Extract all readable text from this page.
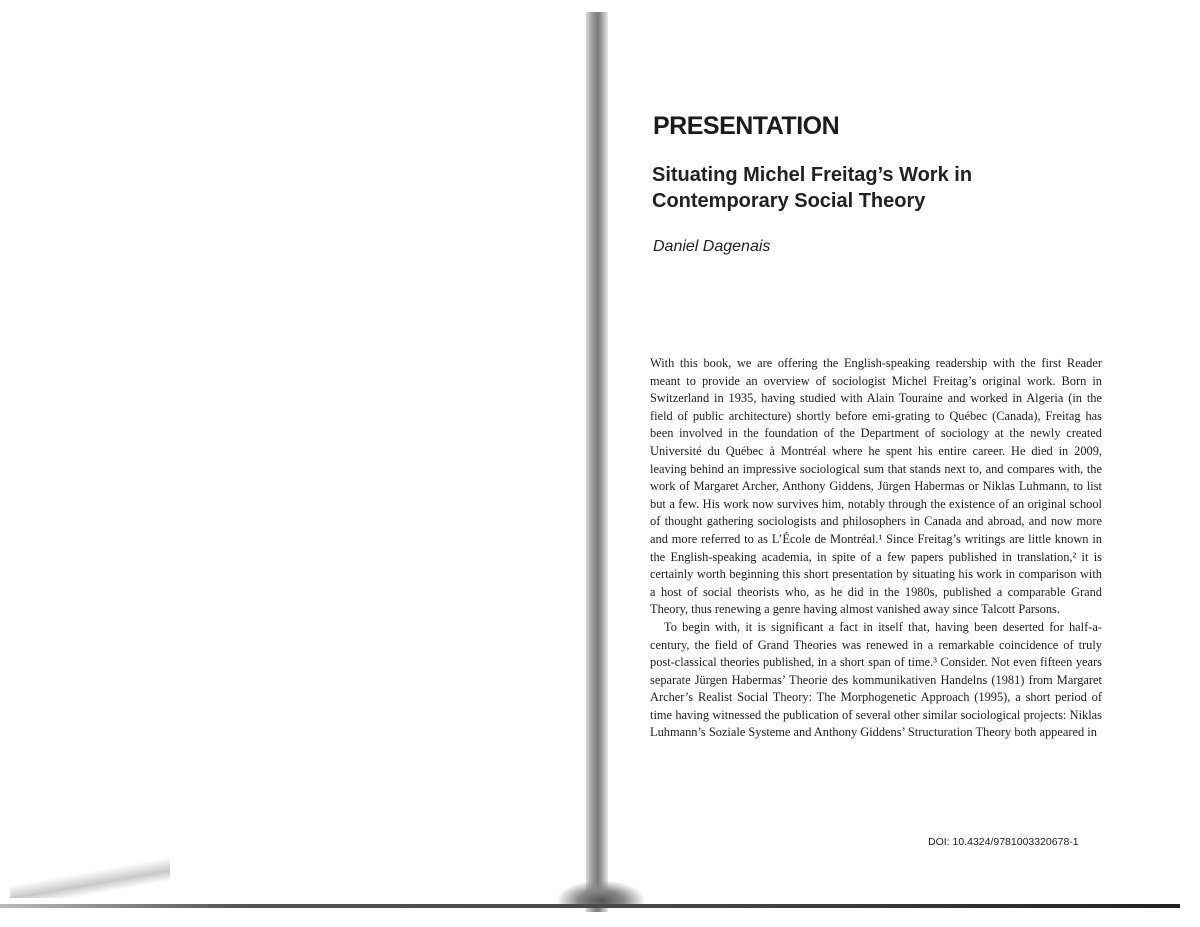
PRESENTATION
Situating Michel Freitag’s Work in
Contemporary Social Theory
Daniel Dagenais

With this book, we are offering the English-speaking readership with the first Reader meant to provide an overview of sociologist Michel Freitag’s original work. Born in Switzerland in 1935, having studied with Alain Touraine and worked in Algeria (in the field of public architecture) shortly before emi-grating to Québec (Canada), Freitag has been involved in the foundation of the Department of sociology at the newly created Université du Québec à Montréal where he spent his entire career. He died in 2009, leaving behind an impressive sociological sum that stands next to, and compares with, the work of Margaret Archer, Anthony Giddens, Jürgen Habermas or Niklas Luhmann, to list but a few. His work now survives him, notably through the existence of an original school of thought gathering sociologists and philosophers in Canada and abroad, and now more and more referred to as L’École de Montréal.¹ Since Freitag’s writings are little known in the English-speaking academia, in spite of a few papers published in translation,² it is certainly worth beginning this short presentation by situating his work in comparison with a host of social theorists who, as he did in the 1980s, published a comparable Grand Theory, thus renewing a genre having almost vanished away since Talcott Parsons.

To begin with, it is significant a fact in itself that, having been deserted for half-a-century, the field of Grand Theories was renewed in a remarkable coincidence of truly post-classical theories published, in a short span of time.³ Consider. Not even fifteen years separate Jürgen Habermas’ Theorie des kommunikativen Handelns (1981) from Margaret Archer’s Realist Social Theory: The Morphogenetic Approach (1995), a short period of time having witnessed the publication of several other similar sociological projects: Niklas Luhmann’s Soziale Systeme and Anthony Giddens’ Structuration Theory both appeared in

DOI: 10.4324/9781003320678-1
